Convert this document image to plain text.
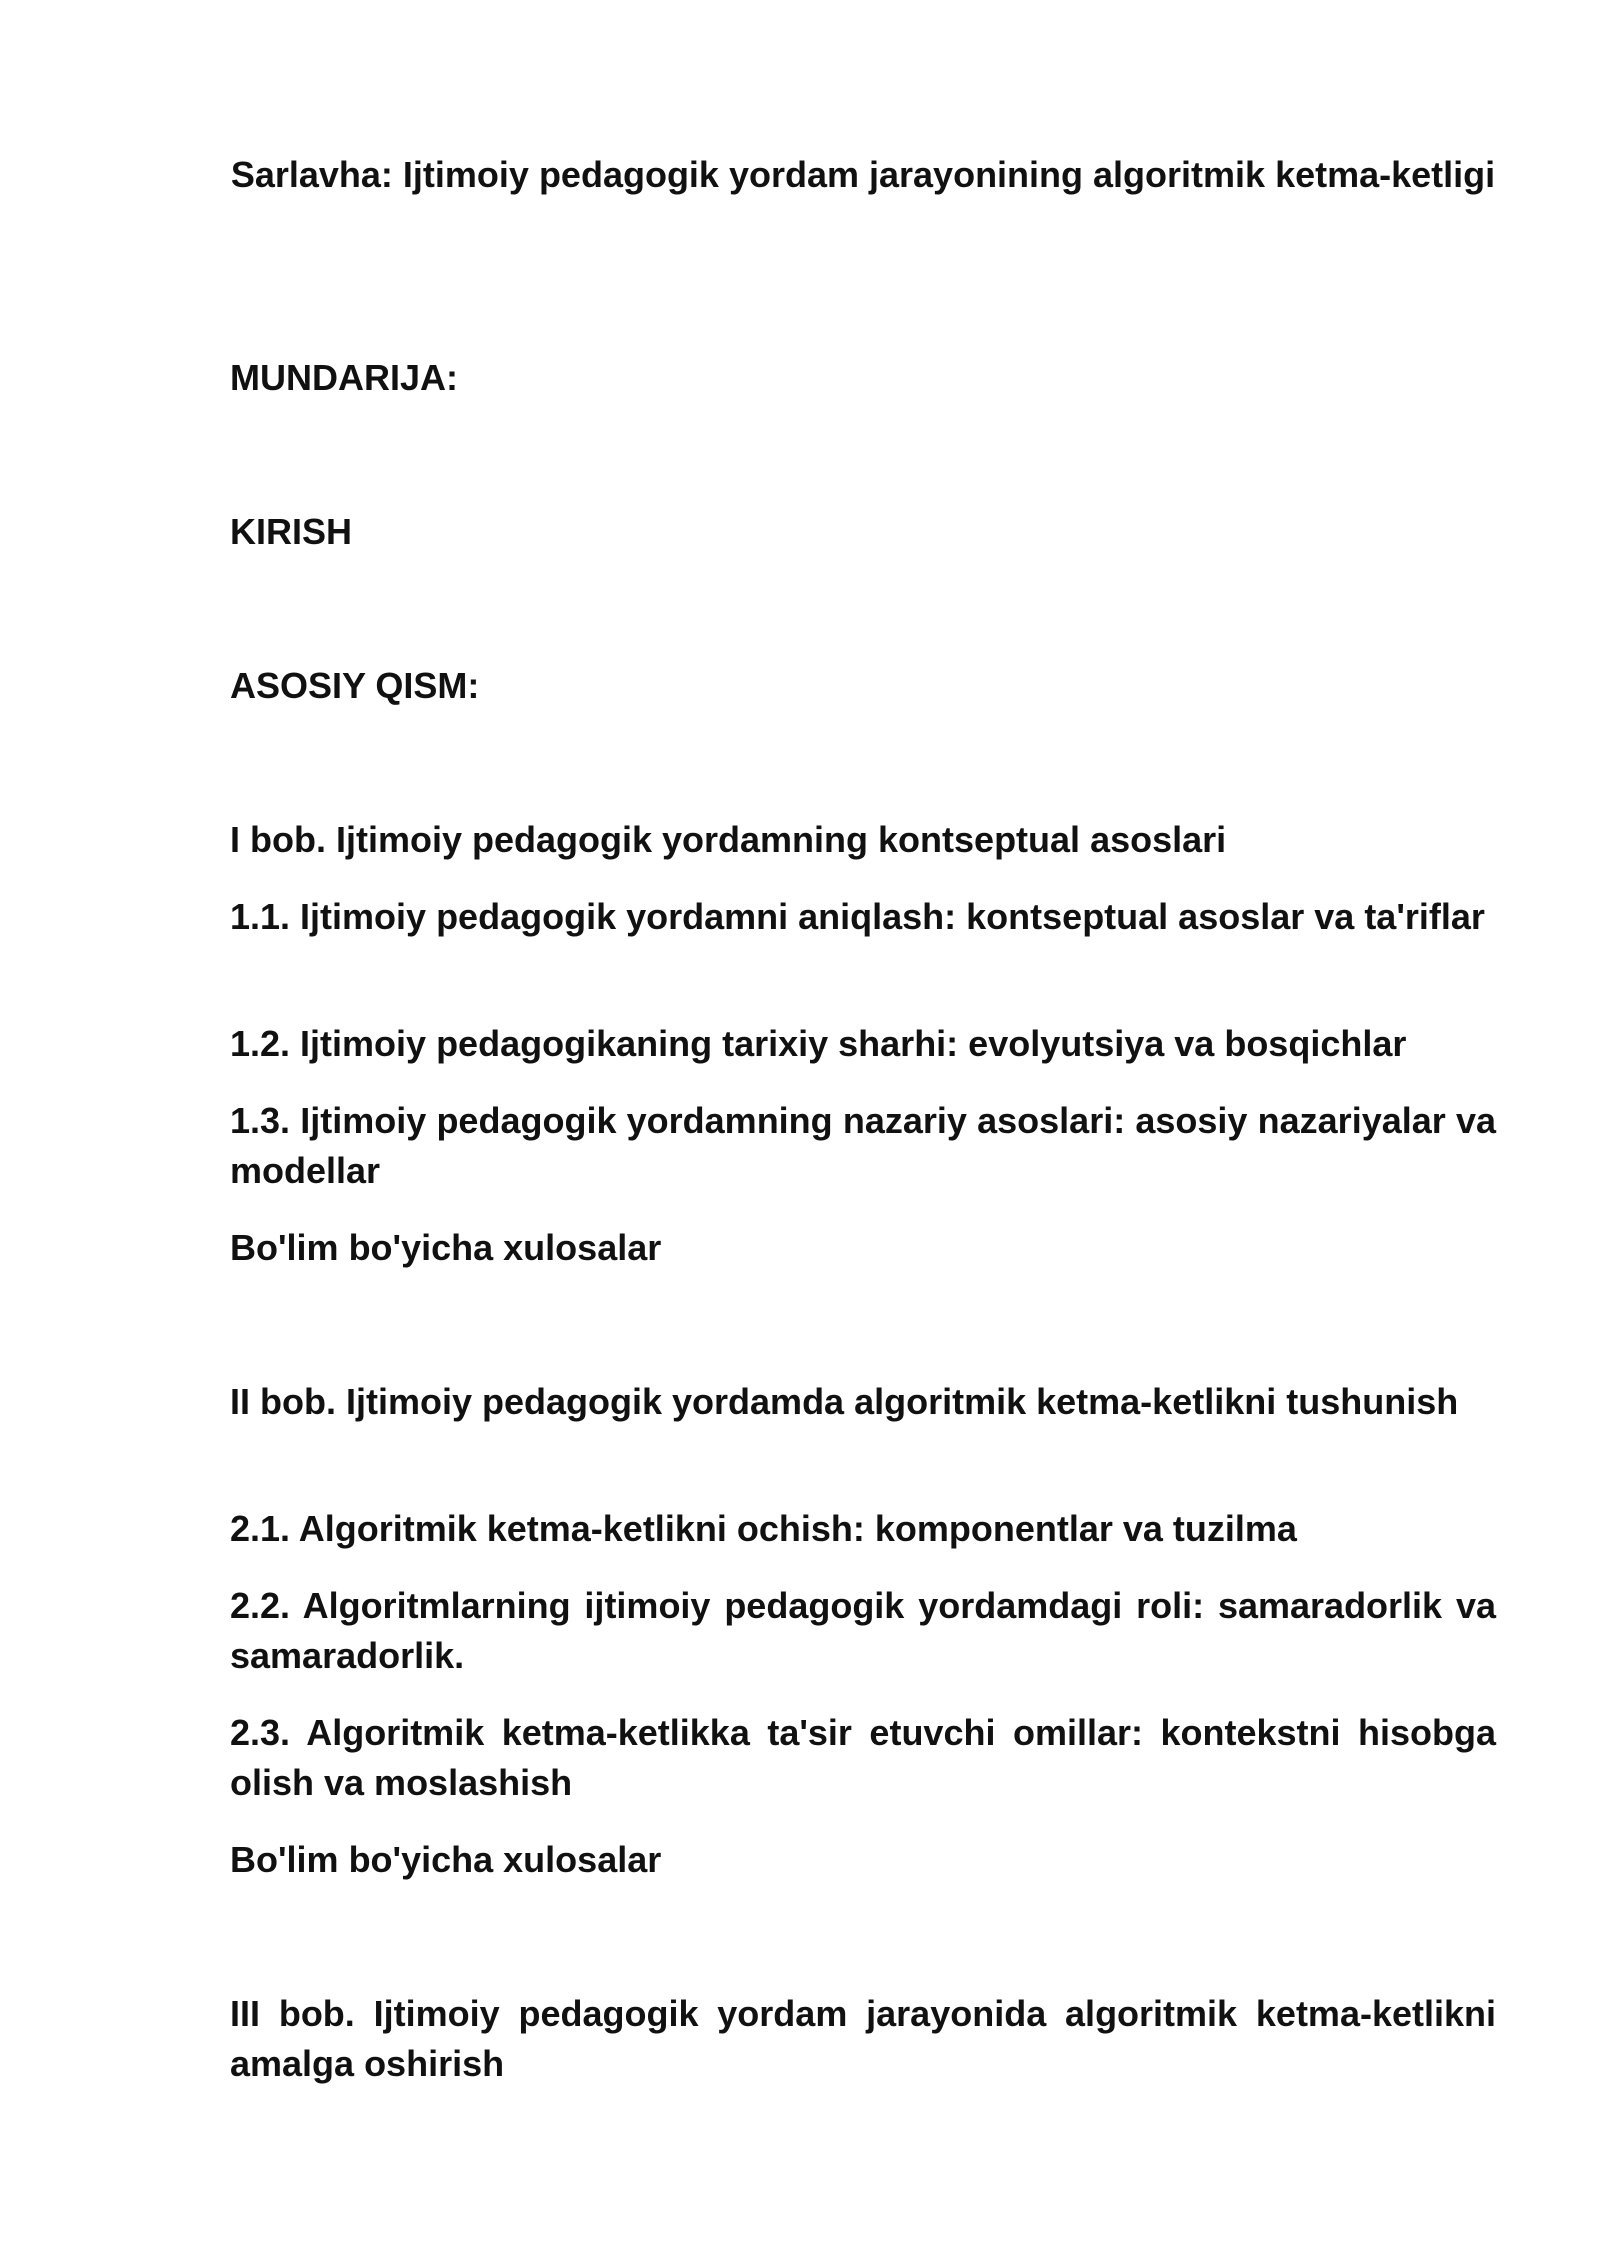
Sarlavha: Ijtimoiy pedagogik yordam jarayonining algoritmik ketma-ketligi

MUNDARIJA:

KIRISH

ASOSIY QISM:

I bob. Ijtimoiy pedagogik yordamning kontseptual asoslari

1.1. Ijtimoiy pedagogik yordamni aniqlash: kontseptual asoslar va ta'riflar

1.2. Ijtimoiy pedagogikaning tarixiy sharhi: evolyutsiya va bosqichlar

1.3. Ijtimoiy pedagogik yordamning nazariy asoslari: asosiy nazariyalar va modellar

Bo'lim bo'yicha xulosalar

II bob. Ijtimoiy pedagogik yordamda algoritmik ketma-ketlikni tushunish

2.1. Algoritmik ketma-ketlikni ochish: komponentlar va tuzilma

2.2. Algoritmlarning ijtimoiy pedagogik yordamdagi roli: samaradorlik va samaradorlik.

2.3. Algoritmik ketma-ketlikka ta'sir etuvchi omillar: kontekstni hisobga olish va moslashish

Bo'lim bo'yicha xulosalar

III bob. Ijtimoiy pedagogik yordam jarayonida algoritmik ketma-ketlikni amalga oshirish
